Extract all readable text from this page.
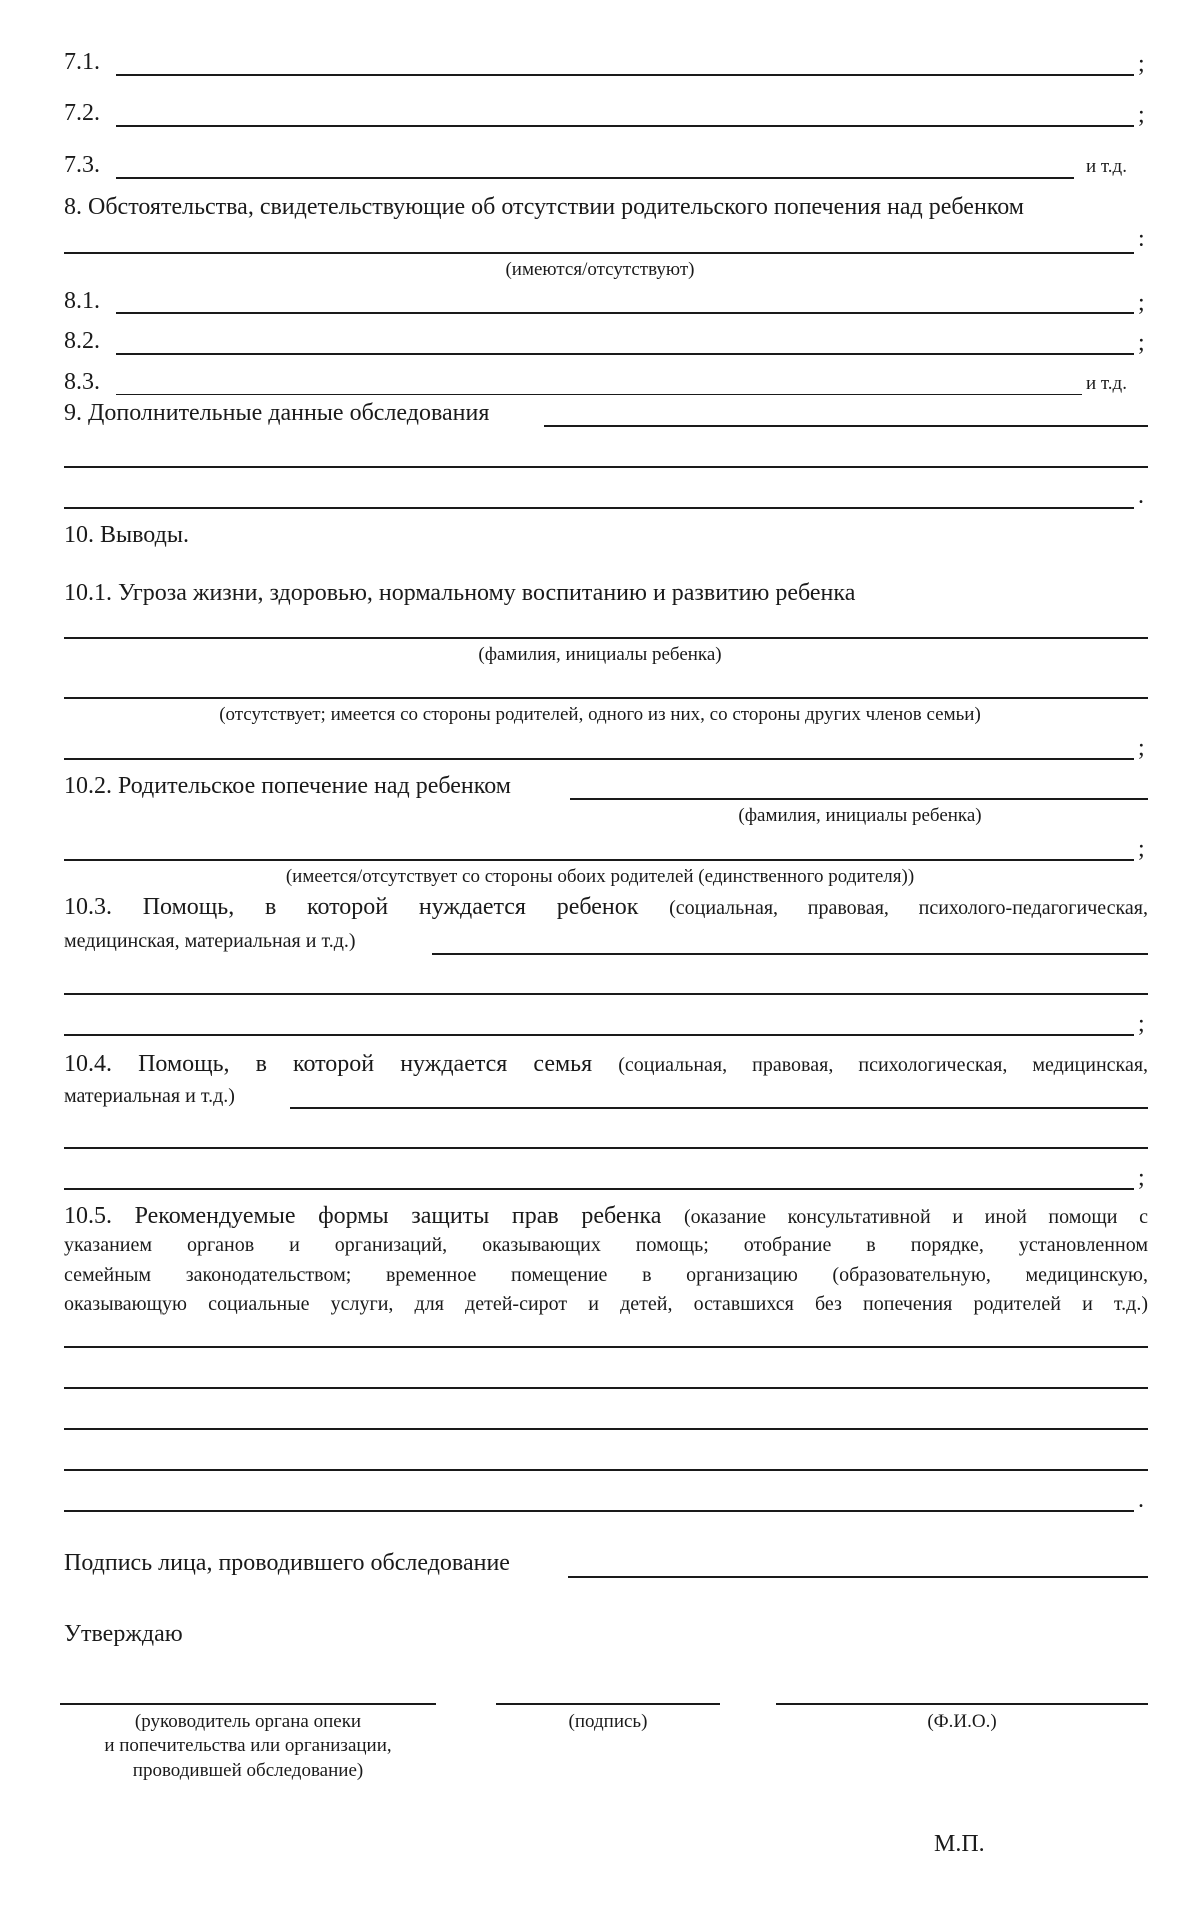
7.1.	;
7.2.	;
7.3.	и т.д.
8. Обстоятельства, свидетельствующие об отсутствии родительского попечения над ребенком
:
(имеются/отсутствуют)
8.1.	;
8.2.	;
8.3.	и т.д.
9. Дополнительные данные обследования
.
10. Выводы.
10.1. Угроза жизни, здоровью, нормальному воспитанию и развитию ребенка
(фамилия, инициалы ребенка)
(отсутствует; имеется со стороны родителей, одного из них, со стороны других членов семьи)
;
10.2. Родительское попечение над ребенком
(фамилия, инициалы ребенка)
;
(имеется/отсутствует со стороны обоих родителей (единственного родителя))
10.3. Помощь, в которой нуждается ребенок (социальная, правовая, психолого-педагогическая,
медицинская, материальная и т.д.)
;
10.4. Помощь, в которой нуждается семья (социальная, правовая, психологическая, медицинская,
материальная и т.д.)
;
10.5. Рекомендуемые формы защиты прав ребенка (оказание консультативной и иной помощи с
указанием органов и организаций, оказывающих помощь; отобрание в порядке, установленном
семейным законодательством; временное помещение в организацию (образовательную, медицинскую,
оказывающую социальные услуги, для детей-сирот и детей, оставшихся без попечения родителей и т.д.)
.
Подпись лица, проводившего обследование
Утверждаю
(руководитель органа опеки
и попечительства или организации,
проводившей обследование)
(подпись)	(Ф.И.О.)
М.П.
